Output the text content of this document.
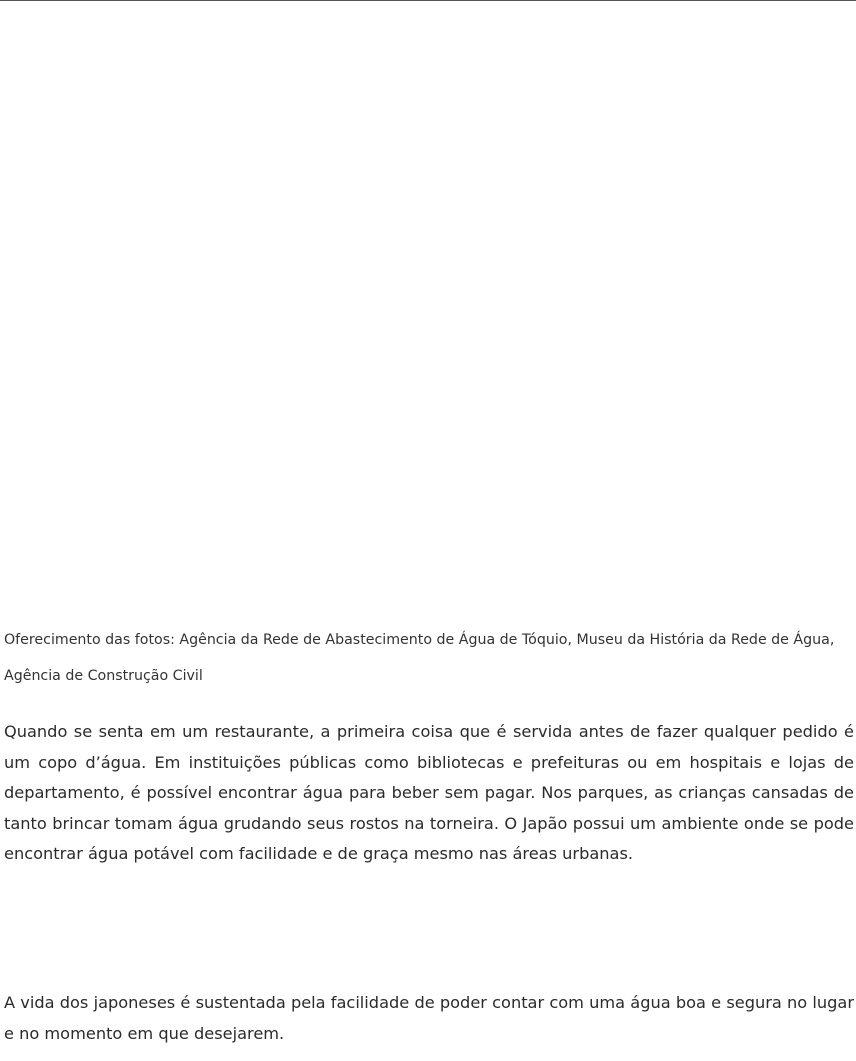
Oferecimento das fotos: Agência da Rede de Abastecimento de Água de Tóquio, Museu da História da Rede de Água, Agência de Construção Civil

Quando se senta em um restaurante, a primeira coisa que é servida antes de fazer qualquer pedido é um copo d’água. Em instituições públicas como bibliotecas e prefeituras ou em hospitais e lojas de departamento, é possível encontrar água para beber sem pagar. Nos parques, as crianças cansadas de tanto brincar tomam água grudando seus rostos na torneira. O Japão possui um ambiente onde se pode encontrar água potável com facilidade e de graça mesmo nas áreas urbanas.

A vida dos japoneses é sustentada pela facilidade de poder contar com uma água boa e segura no lugar e no momento em que desejarem.
